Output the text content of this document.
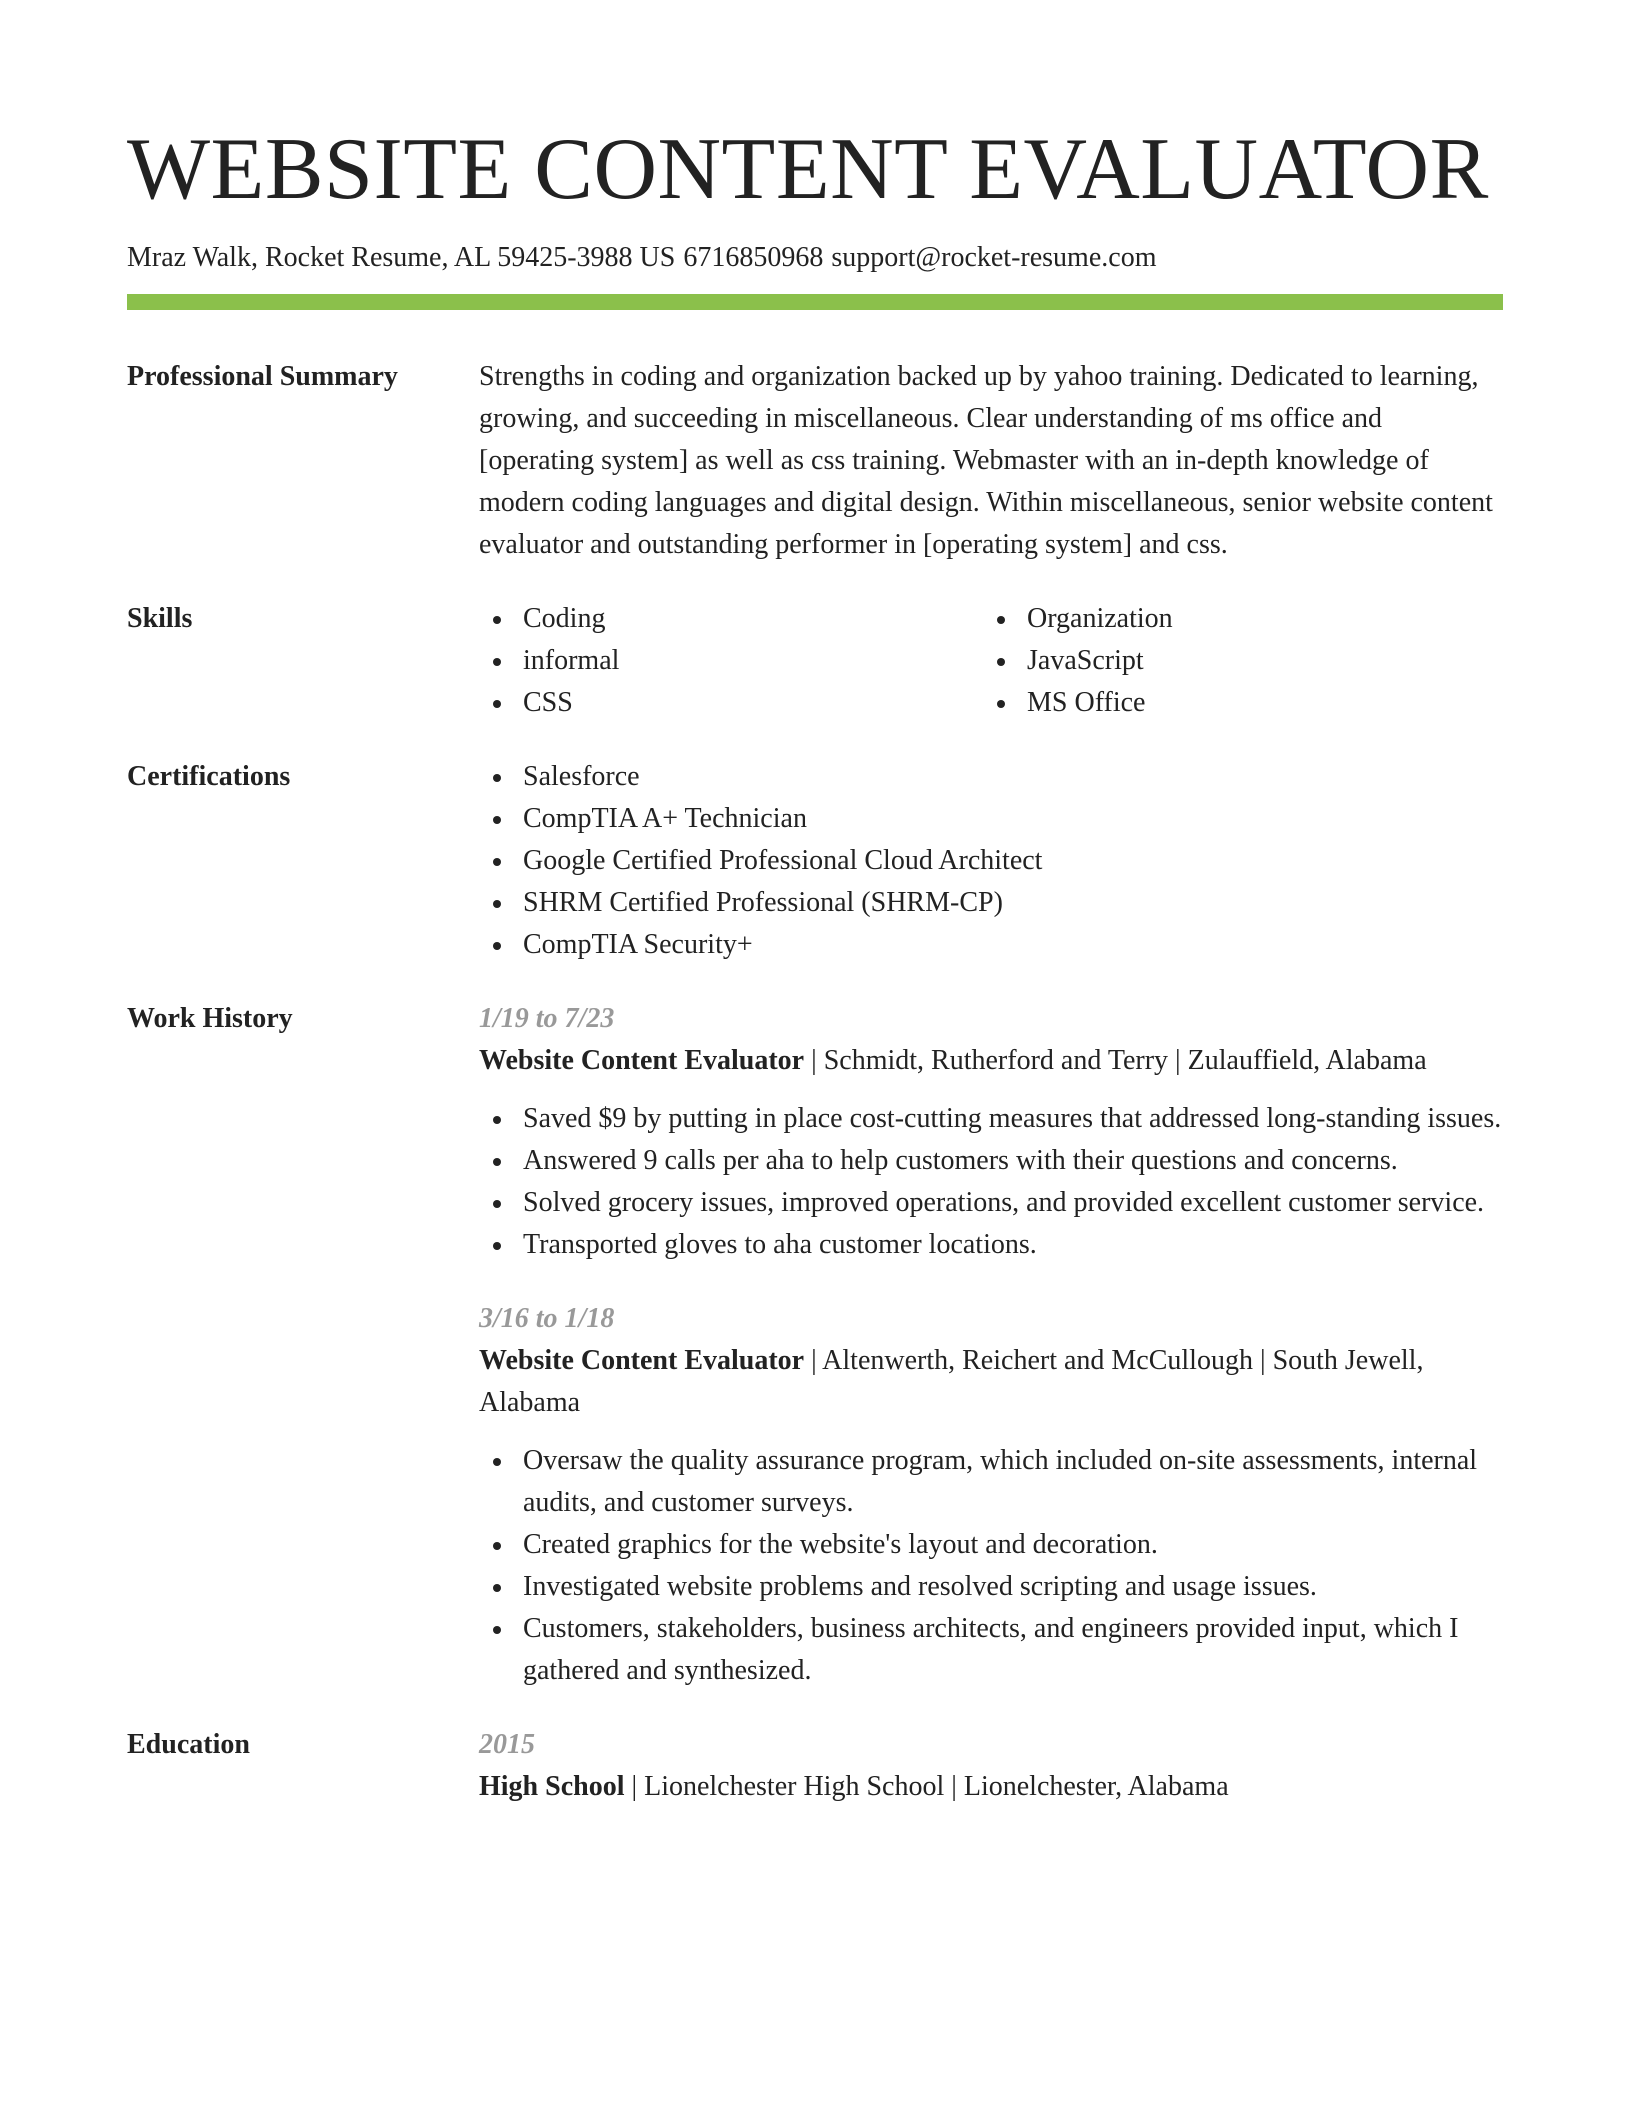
WEBSITE CONTENT EVALUATOR
Mraz Walk, Rocket Resume, AL 59425-3988 US 6716850968 support@rocket-resume.com
Professional Summary	Strengths in coding and organization backed up by yahoo training. Dedicated to learning, growing, and succeeding in miscellaneous. Clear understanding of ms office and [operating system] as well as css training. Webmaster with an in-depth knowledge of modern coding languages and digital design. Within miscellaneous, senior website content evaluator and outstanding performer in [operating system] and css.
Skills	Coding
informal
CSS
Organization
JavaScript
MS Office
Certifications	Salesforce
CompTIA A+ Technician
Google Certified Professional Cloud Architect
SHRM Certified Professional (SHRM-CP)
CompTIA Security+
Work History	1/19 to 7/23
Website Content Evaluator | Schmidt, Rutherford and Terry | Zulauffield, Alabama
Saved $9 by putting in place cost-cutting measures that addressed long-standing issues.
Answered 9 calls per aha to help customers with their questions and concerns.
Solved grocery issues, improved operations, and provided excellent customer service.
Transported gloves to aha customer locations.
3/16 to 1/18
Website Content Evaluator | Altenwerth, Reichert and McCullough | South Jewell, Alabama
Oversaw the quality assurance program, which included on-site assessments, internal audits, and customer surveys.
Created graphics for the website's layout and decoration.
Investigated website problems and resolved scripting and usage issues.
Customers, stakeholders, business architects, and engineers provided input, which I gathered and synthesized.
Education	2015
High School | Lionelchester High School | Lionelchester, Alabama
